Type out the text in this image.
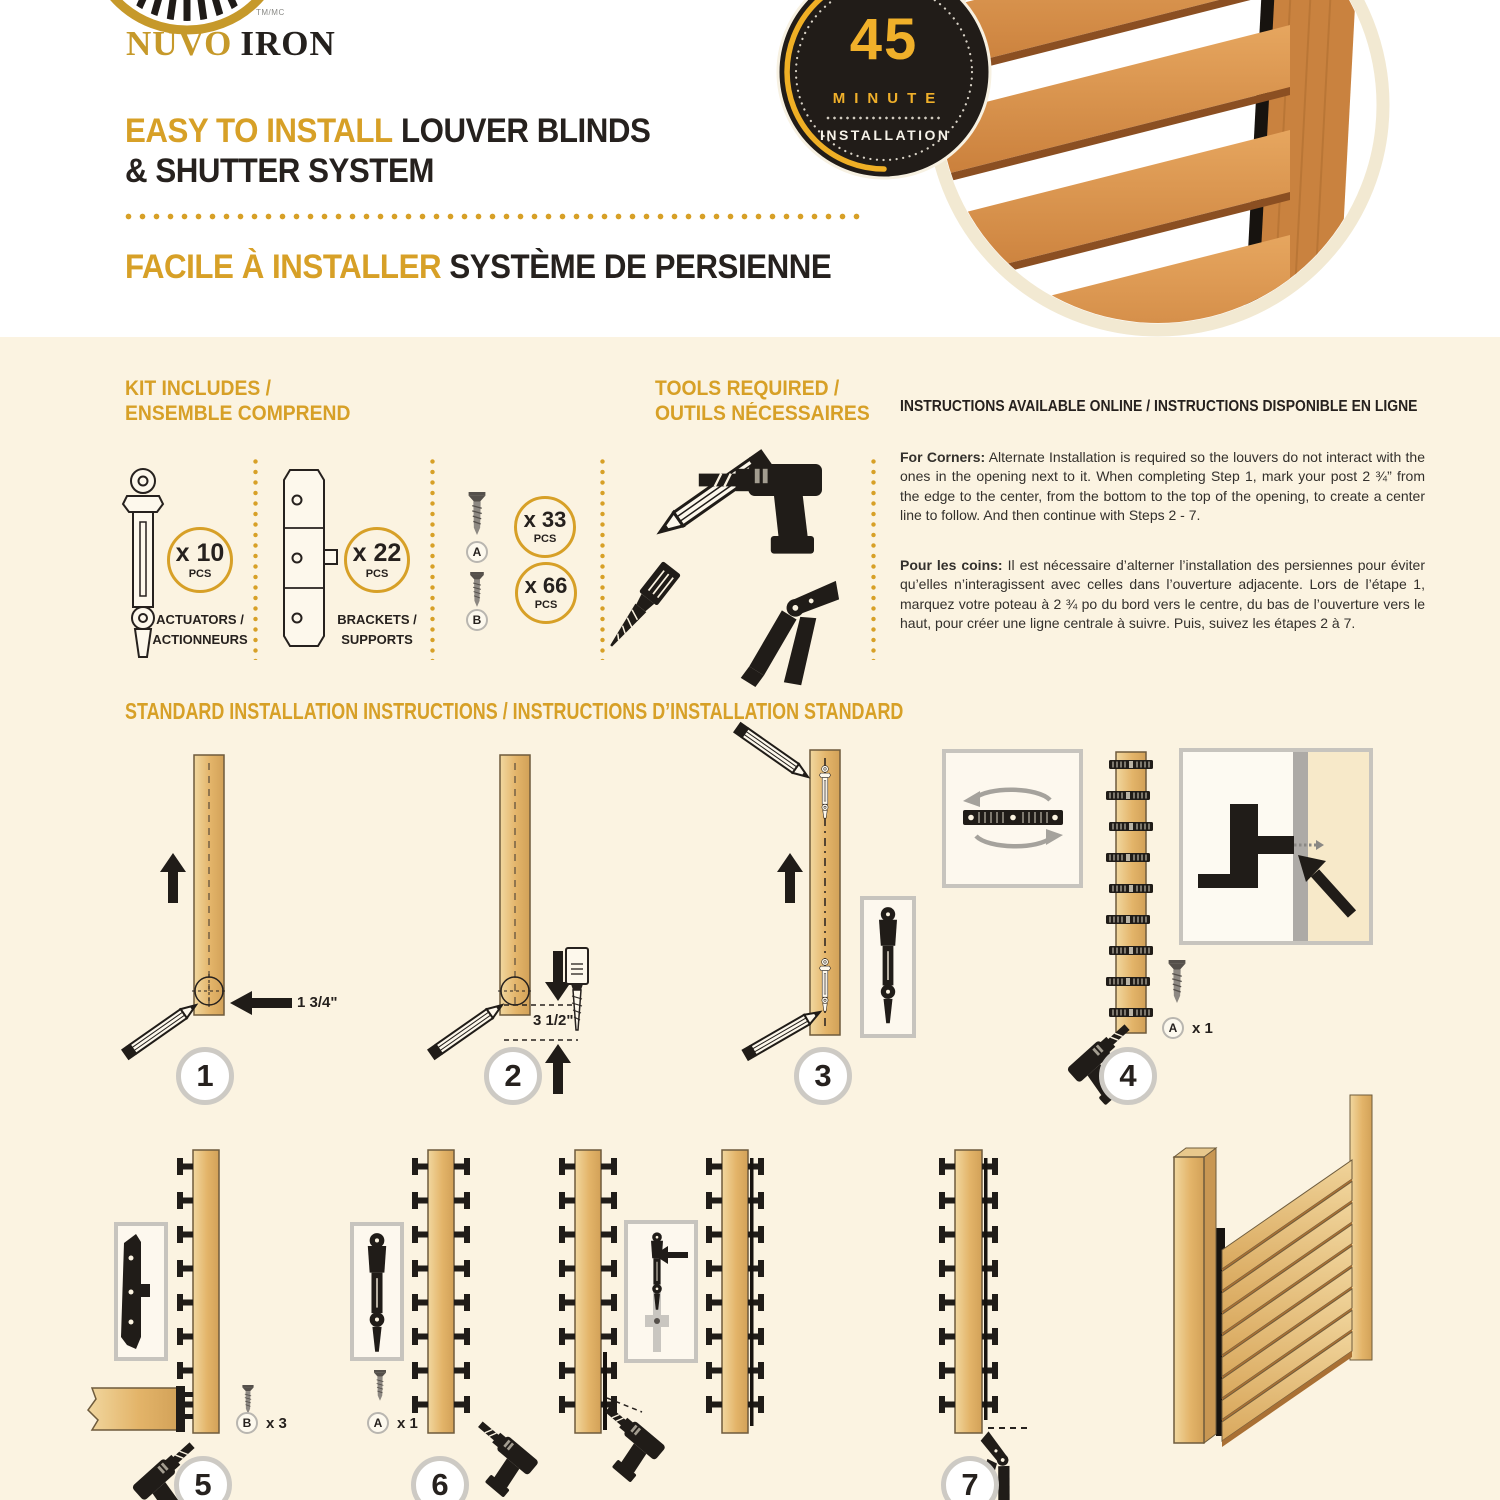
TM/MC
NUVO IRON
EASY TO INSTALL LOUVER BLINDS
& SHUTTER SYSTEM
FACILE À INSTALLER SYSTÈME DE PERSIENNE
45
MINUTE
INSTALLATION
KIT INCLUDES /
ENSEMBLE COMPREND
x 10
PCS
ACTUATORS /
ACTIONNEURS
x 22
PCS
BRACKETS /
SUPPORTS
A
x 33
PCS
B
x 66
PCS
TOOLS REQUIRED /
OUTILS NÉCESSAIRES	INSTRUCTIONS AVAILABLE ONLINE / INSTRUCTIONS DISPONIBLE EN LIGNE

For Corners: Alternate Installation is required so the louvers do not interact with the ones in the opening next to it. When completing Step 1, mark your post 2 ¾” from the edge to the center, from the bottom to the top of the opening, to create a center line to follow. And then continue with Steps 2 - 7.

Pour les coins: Il est nécessaire d’alterner l’installation des persiennes pour éviter qu’elles n’interagissent avec celles dans l’ouverture adjacente. Lors de l’étape 1, marquez votre poteau à 2 ¾ po du bord vers le centre, du bas de l’ouverture vers le haut, pour créer une ligne centrale à suivre. Puis, suivez les étapes 2 à 7.

STANDARD INSTALLATION INSTRUCTIONS / INSTRUCTIONS D’INSTALLATION STANDARD
1 3/4"
3 1/2"	A x 1
B x 3	A x 1
1	2	3	4
5	6	7
